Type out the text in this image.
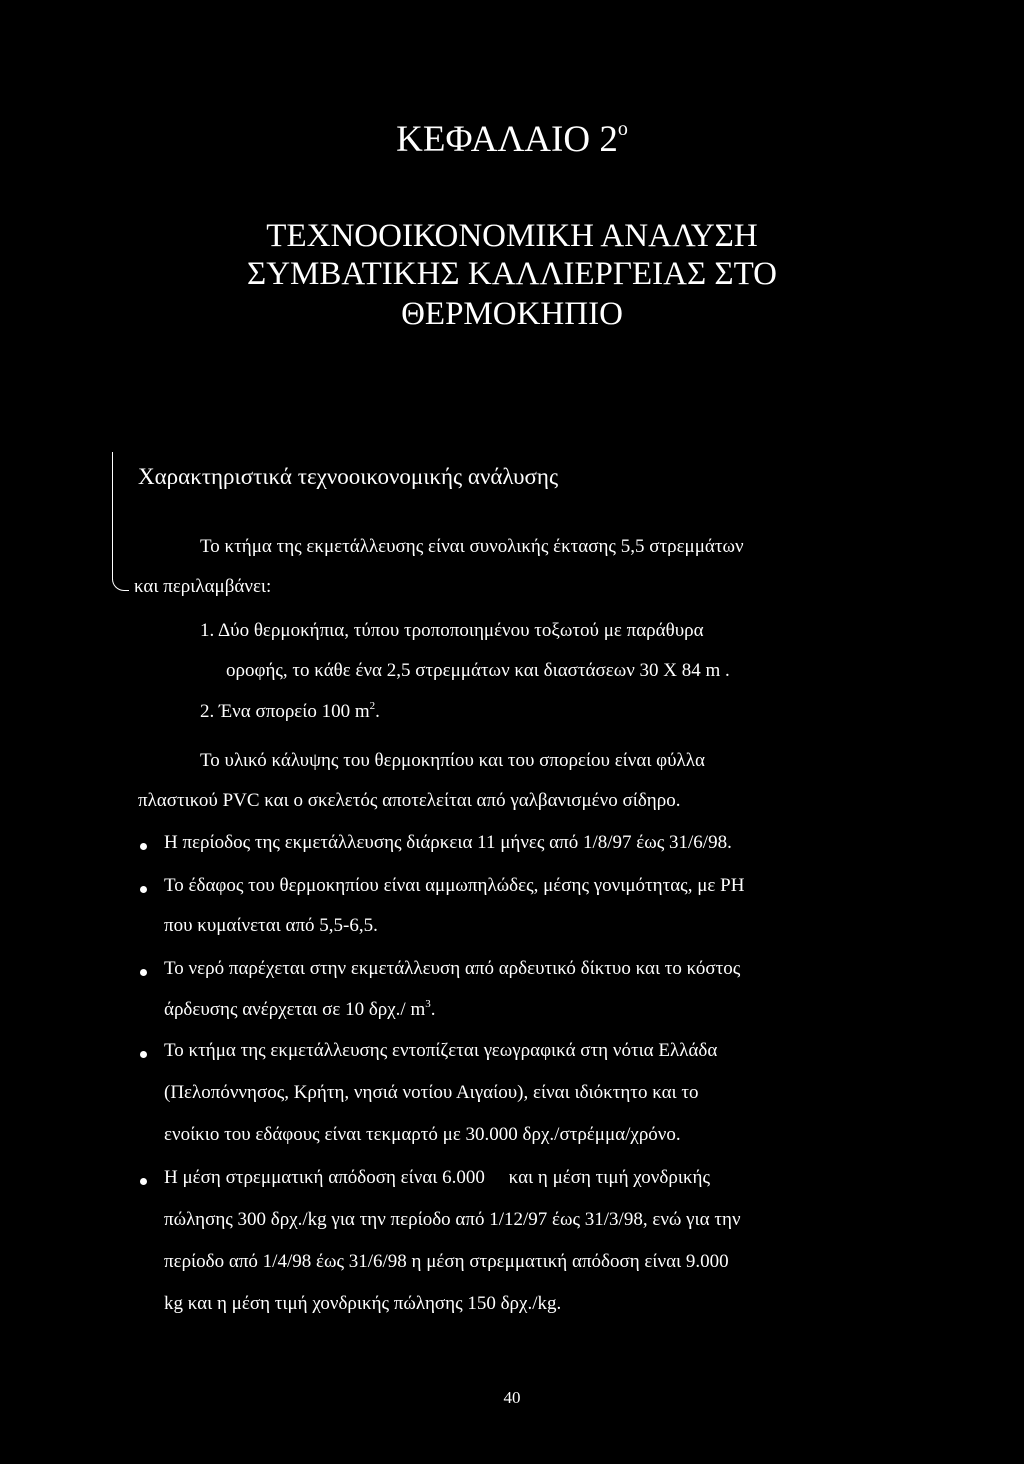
ΚΕΦΑΛΑΙΟ $2^o$
ΤΕΧΝΟΟΙΚΟΝΟΜΙΚΗ ΑΝΑΛΥΣΗ
ΣΥΜΒΑΤΙΚΗΣ ΚΑΛΛΙΕΡΓΕΙΑΣ ΣΤΟ
ΘΕΡΜΟΚΗΠΙΟ
Χαρακτηριστικά τεχνοοικονομικής ανάλυσης
Το κτήμα της εκμετάλλευσης είναι συνολικής έκτασης 5,5 στρεμμάτων
και περιλαμβάνει:
1. Δύο θερμοκήπια, τύπου τροποποιημένου τοξωτού με παράθυρα
οροφής, το κάθε ένα 2,5 στρεμμάτων και διαστάσεων 30 Χ 84 m .
2. Ένα σπορείο 100 $m^2$.
Το υλικό κάλυψης του θερμοκηπίου και του σπορείου είναι φύλλα
πλαστικού PVC και ο σκελετός αποτελείται από γαλβανισμένο σίδηρο.
Η περίοδος της εκμετάλλευσης διάρκεια 11 μήνες από 1/8/97 έως 31/6/98.
Το έδαφος του θερμοκηπίου είναι αμμωπηλώδες, μέσης γονιμότητας, με PH
που κυμαίνεται από 5,5-6,5.
Το νερό παρέχεται στην εκμετάλλευση από αρδευτικό δίκτυο και το κόστος
άρδευσης ανέρχεται σε 10 δρχ./ $m^3$.
Το κτήμα της εκμετάλλευσης εντοπίζεται γεωγραφικά στη νότια Ελλάδα
(Πελοπόννησος, Κρήτη, νησιά νοτίου Αιγαίου), είναι ιδιόκτητο και το
ενοίκιο του εδάφους είναι τεκμαρτό με 30.000 δρχ./στρέμμα/χρόνο.
Η μέση στρεμματική απόδοση είναι 6.000     και η μέση τιμή χονδρικής
πώλησης 300 δρχ./kg για την περίοδο από 1/12/97 έως 31/3/98, ενώ για την
περίοδο από 1/4/98 έως 31/6/98 η μέση στρεμματική απόδοση είναι 9.000
kg και η μέση τιμή χονδρικής πώλησης 150 δρχ./kg.
40
